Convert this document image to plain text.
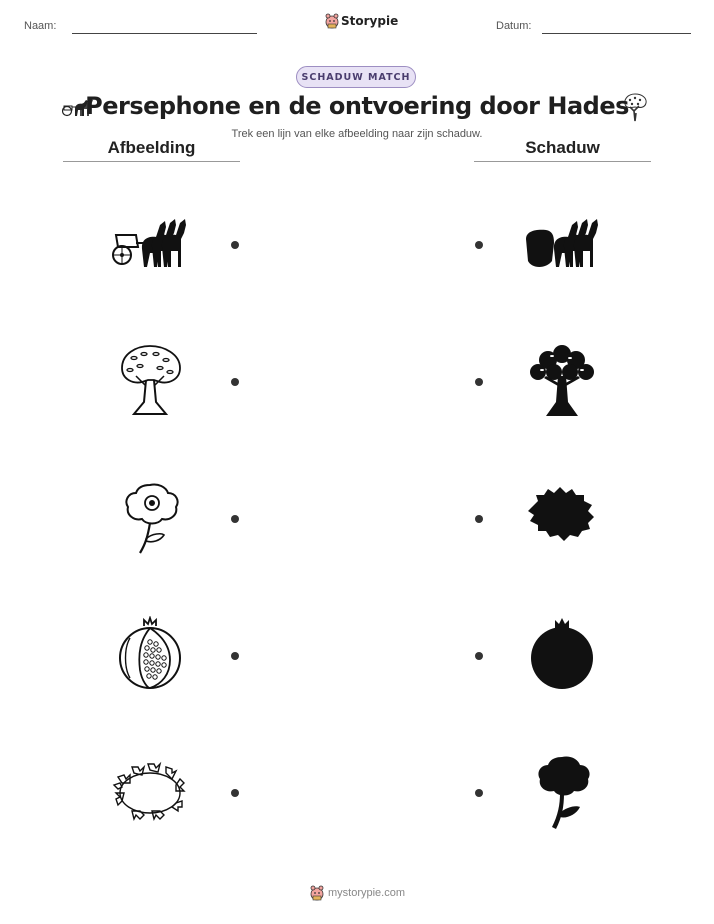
Naam:	Storypie	Datum:
SCHADUW MATCH
Persephone en de ontvoering door Hades
Trek een lijn van elke afbeelding naar zijn schaduw.
Afbeelding	Schaduw
mystorypie.com
